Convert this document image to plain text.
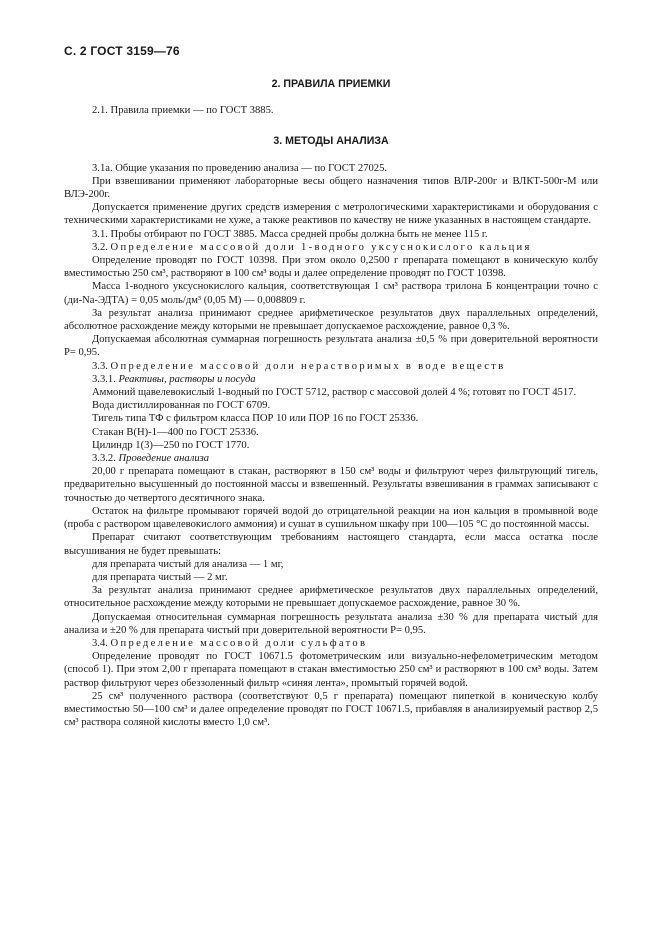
С. 2 ГОСТ 3159—76
2. ПРАВИЛА ПРИЕМКИ

2.1. Правила приемки — по ГОСТ 3885.

3. МЕТОДЫ АНАЛИЗА

3.1а. Общие указания по проведению анализа — по ГОСТ 27025.

При взвешивании применяют лабораторные весы общего назначения типов ВЛР-200г и ВЛКТ-500г-М или ВЛЭ-200г.

Допускается применение других средств измерения с метрологическими характеристиками и оборудования с техническими характеристиками не хуже, а также реактивов по качеству не ниже указанных в настоящем стандарте.

3.1. Пробы отбирают по ГОСТ 3885. Масса средней пробы должна быть не менее 115 г.

3.2. Определение массовой доли 1-водного уксуснокислого кальция

Определение проводят по ГОСТ 10398. При этом около 0,2500 г препарата помещают в коническую колбу вместимостью 250 см³, растворяют в 100 см³ воды и далее определение проводят по ГОСТ 10398.

Масса 1-водного уксуснокислого кальция, соответствующая 1 см³ раствора трилона Б концентрации точно с (ди-Na-ЭДТА) = 0,05 моль/дм³ (0,05 М) — 0,008809 г.

За результат анализа принимают среднее арифметическое результатов двух параллельных определений, абсолютное расхождение между которыми не превышает допускаемое расхождение, равное 0,3 %.

Допускаемая абсолютная суммарная погрешность результата анализа ±0,5 % при доверительной вероятности Р= 0,95.

3.3. Определение массовой доли нерастворимых в воде веществ

3.3.1. Реактивы, растворы и посуда

Аммоний щавелевокислый 1-водный по ГОСТ 5712, раствор с массовой долей 4 %; готовят по ГОСТ 4517.

Вода дистиллированная по ГОСТ 6709.

Тигель типа ТФ с фильтром класса ПОР 10 или ПОР 16 по ГОСТ 25336.

Стакан В(Н)-1—400 по ГОСТ 25336.

Цилиндр 1(3)—250 по ГОСТ 1770.

3.3.2. Проведение анализа

20,00 г препарата помещают в стакан, растворяют в 150 см³ воды и фильтруют через фильтрующий тигель, предварительно высушенный до постоянной массы и взвешенный. Результаты взвешивания в граммах записывают с точностью до четвертого десятичного знака.

Остаток на фильтре промывают горячей водой до отрицательной реакции на ион кальция в промывной воде (проба с раствором щавелевокислого аммония) и сушат в сушильном шкафу при 100—105 °С до постоянной массы.

Препарат считают соответствующим требованиям настоящего стандарта, если масса остатка после высушивания не будет превышать:

для препарата чистый для анализа — 1 мг,

для препарата чистый — 2 мг.

За результат анализа принимают среднее арифметическое результатов двух параллельных определений, относительное расхождение между которыми не превышает допускаемое расхождение, равное 30 %.

Допускаемая относительная суммарная погрешность результата анализа ±30 % для препарата чистый для анализа и ±20 % для препарата чистый при доверительной вероятности Р= 0,95.

3.4. Определение массовой доли сульфатов

Определение проводят по ГОСТ 10671.5 фотометрическим или визуально-нефелометрическим методом (способ 1). При этом 2,00 г препарата помещают в стакан вместимостью 250 см³ и растворяют в 100 см³ воды. Затем раствор фильтруют через обеззоленный фильтр «синяя лента», промытый горячей водой.

25 см³ полученного раствора (соответствуют 0,5 г препарата) помещают пипеткой в коническую колбу вместимостью 50—100 см³ и далее определение проводят по ГОСТ 10671.5, прибавляя в анализируемый раствор 2,5 см³ раствора соляной кислоты вместо 1,0 см³.
